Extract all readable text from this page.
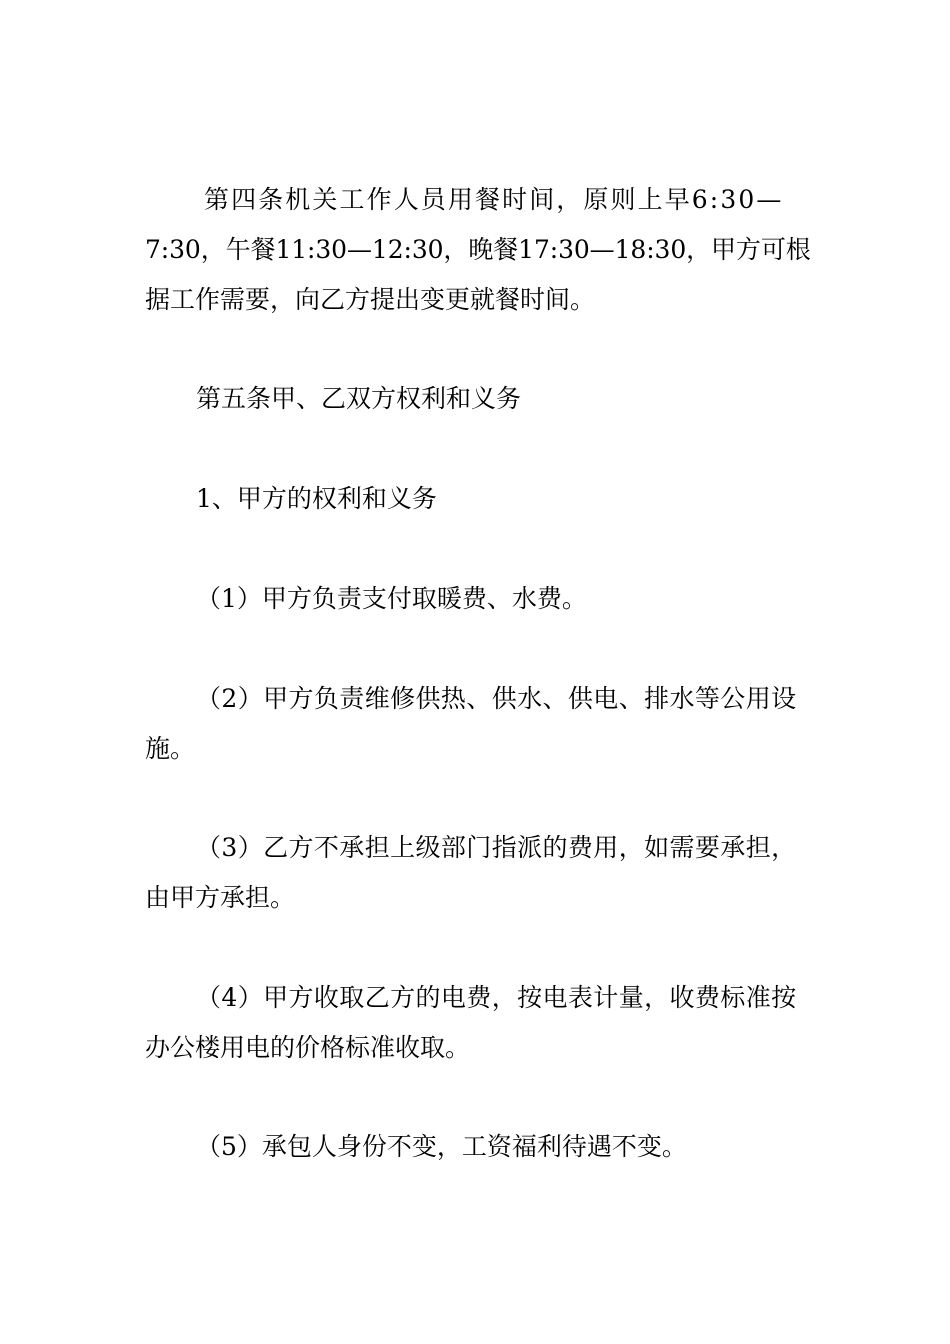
第四条机关工作人员用餐时间，原则上早6:30—
7:30，午餐11:30—12:30，晚餐17:30—18:30，甲方可根
据工作需要，向乙方提出变更就餐时间。
第五条甲、乙双方权利和义务
1、甲方的权利和义务
（1）甲方负责支付取暖费、水费。
（2）甲方负责维修供热、供水、供电、排水等公用设
施。
（3）乙方不承担上级部门指派的费用，如需要承担，
由甲方承担。
（4）甲方收取乙方的电费，按电表计量，收费标准按
办公楼用电的价格标准收取。
（5）承包人身份不变，工资福利待遇不变。
